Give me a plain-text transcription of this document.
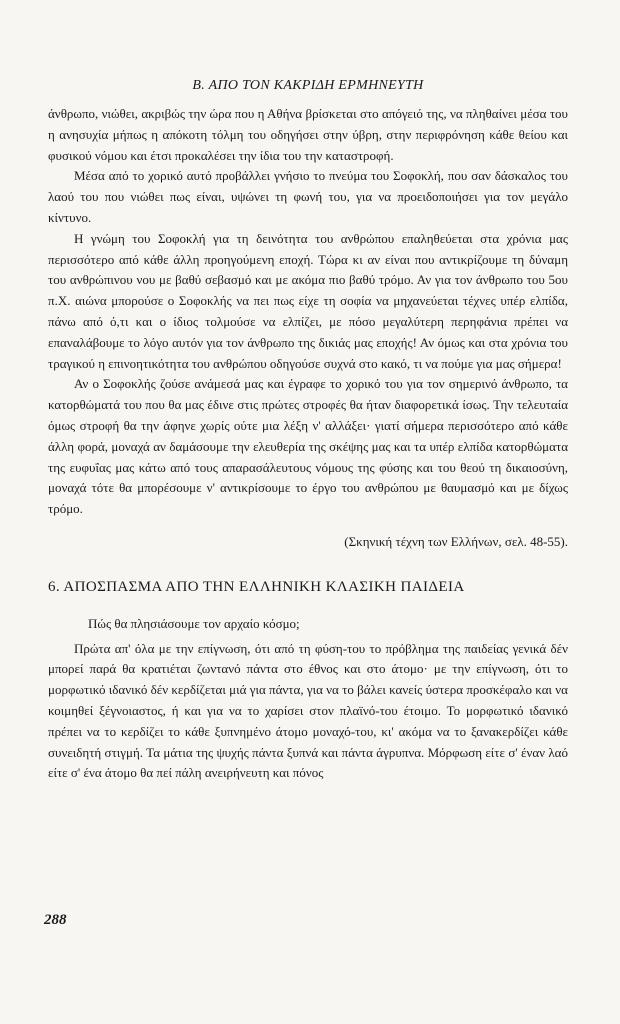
Β. ΑΠΟ ΤΟΝ ΚΑΚΡΙΔΗ ΕΡΜΗΝΕΥΤΗ

άνθρωπο, νιώθει, ακριβώς την ώρα που η Αθήνα βρίσκεται στο απόγειό της, να πληθαίνει μέσα του η ανησυχία μήπως η απόκοτη τόλμη του οδηγήσει στην ύβρη, στην περιφρόνηση κάθε θείου και φυσικού νόμου και έτσι προκαλέσει την ίδια του την καταστροφή.

Μέσα από το χορικό αυτό προβάλλει γνήσιο το πνεύμα του Σοφοκλή, που σαν δάσκαλος του λαού του που νιώθει πως είναι, υψώνει τη φωνή του, για να προειδοποιήσει για τον μεγάλο κίντυνο.

Η γνώμη του Σοφοκλή για τη δεινότητα του ανθρώπου επαληθεύεται στα χρόνια μας περισσότερο από κάθε άλλη προηγούμενη εποχή. Τώρα κι αν είναι που αντικρίζουμε τη δύναμη του ανθρώπινου νου με βαθύ σεβασμό και με ακόμα πιο βαθύ τρόμο. Αν για τον άνθρωπο του 5ου π.Χ. αιώνα μπορούσε ο Σοφοκλής να πει πως είχε τη σοφία να μηχανεύεται τέχνες υπέρ ελπίδα, πάνω από ό,τι και ο ίδιος τολμούσε να ελπίζει, με πόσο μεγαλύτερη περηφάνια πρέπει να επαναλάβουμε το λόγο αυτόν για τον άνθρωπο της δικιάς μας εποχής! Αν όμως και στα χρόνια του τραγικού η επινοητικότητα του ανθρώπου οδηγούσε συχνά στο κακό, τι να πούμε για μας σήμερα!

Αν ο Σοφοκλής ζούσε ανάμεσά μας και έγραφε το χορικό του για τον σημερινό άνθρωπο, τα κατορθώματά του που θα μας έδινε στις πρώτες στροφές θα ήταν διαφορετικά ίσως. Την τελευταία όμως στροφή θα την άφηνε χωρίς ούτε μια λέξη ν' αλλάξει· γιατί σήμερα περισσότερο από κάθε άλλη φορά, μοναχά αν δαμάσουμε την ελευθερία της σκέψης μας και τα υπέρ ελπίδα κατορθώματα της ευφυΐας μας κάτω από τους απαρασάλευτους νόμους της φύσης και του θεού τη δικαιοσύνη, μοναχά τότε θα μπορέσουμε ν' αντικρίσουμε το έργο του ανθρώπου με θαυμασμό και με δίχως τρόμο.

(Σκηνική τέχνη των Ελλήνων, σελ. 48-55).

6. ΑΠΟΣΠΑΣΜΑ ΑΠΟ ΤΗΝ ΕΛΛΗΝΙΚΗ ΚΛΑΣΙΚΗ ΠΑΙΔΕΙΑ

Πώς θα πλησιάσουμε τον αρχαίο κόσμο;

Πρώτα απ' όλα με την επίγνωση, ότι από τη φύση-του το πρόβλημα της παιδείας γενικά δέν μπορεί παρά θα κρατιέται ζωντανό πάντα στο έθνος και στο άτομο· με την επίγνωση, ότι το μορφωτικό ιδανικό δέν κερδίζεται μιά για πάντα, για να το βάλει κανείς ύστερα προσκέφαλο και να κοιμηθεί ξέγνοιαστος, ή και για να το χαρίσει στον πλαϊνό-του έτοιμο. Το μορφωτικό ιδανικό πρέπει να το κερδίζει το κάθε ξυπνημένο άτομο μοναχό-του, κι' ακόμα να το ξανακερδίζει κάθε συνειδητή στιγμή. Τα μάτια της ψυχής πάντα ξυπνά και πάντα άγρυπνα. Μόρφωση είτε σ' έναν λαό είτε σ' ένα άτομο θα πεί πάλη ανειρήνευτη και πόνος

288
